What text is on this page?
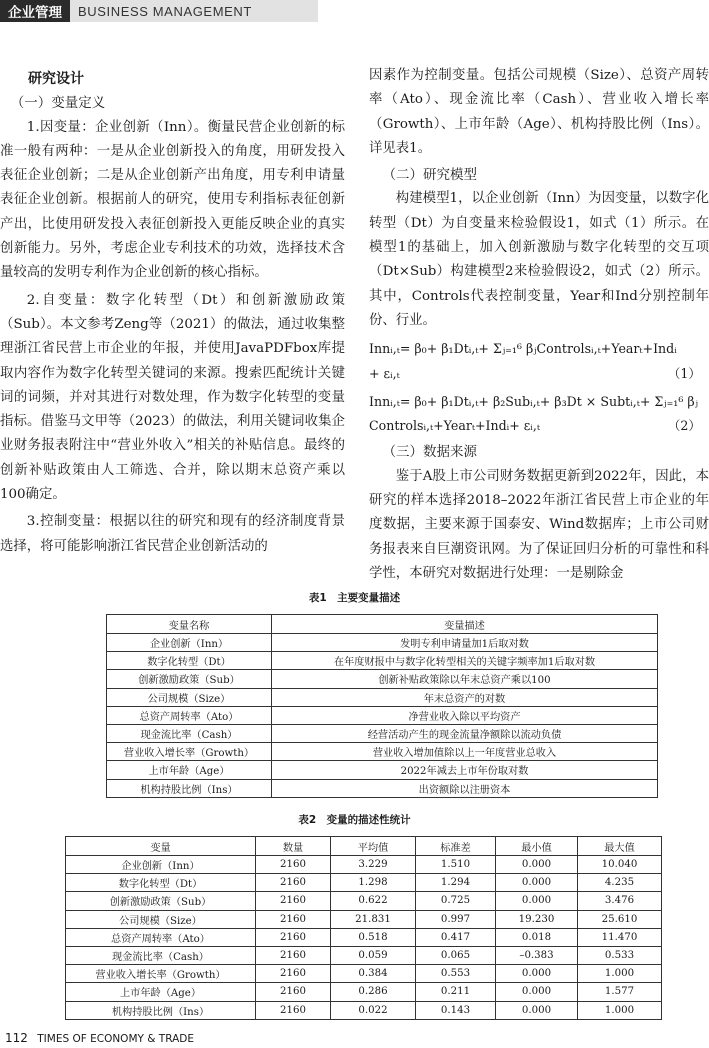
企业管理	BUSINESS MANAGEMENT
研究设计
（一）变量定义

1.因变量：企业创新（Inn）。衡量民营企业创新的标准一般有两种：一是从企业创新投入的角度，用研发投入表征企业创新；二是从企业创新产出角度，用专利申请量表征企业创新。根据前人的研究，使用专利指标表征创新产出，比使用研发投入表征创新投入更能反映企业的真实创新能力。另外，考虑企业专利技术的功效，选择技术含量较高的发明专利作为企业创新的核心指标。

2.自变量：数字化转型（Dt）和创新激励政策（Sub）。本文参考Zeng等（2021）的做法，通过收集整理浙江省民营上市企业的年报，并使用JavaPDFbox库提取内容作为数字化转型关键词的来源。搜索匹配统计关键词的词频，并对其进行对数处理，作为数字化转型的变量指标。借鉴马文甲等（2023）的做法，利用关键词收集企业财务报表附注中“营业外收入”相关的补贴信息。最终的创新补贴政策由人工筛选、合并，除以期末总资产乘以100确定。

3.控制变量：根据以往的研究和现有的经济制度背景选择，将可能影响浙江省民营企业创新活动的

因素作为控制变量。包括公司规模（Size）、总资产周转率（Ato）、现金流比率（Cash）、营业收入增长率（Growth）、上市年龄（Age）、机构持股比例（Ins）。详见表1。

（二）研究模型

构建模型1，以企业创新（Inn）为因变量，以数字化转型（Dt）为自变量来检验假设1，如式（1）所示。在模型1的基础上，加入创新激励与数字化转型的交互项（Dt×Sub）构建模型2来检验假设2，如式（2）所示。其中，Controls代表控制变量，Year和Ind分别控制年份、行业。

Innᵢ,ₜ= β₀+ β₁Dtᵢ,ₜ+ Σⱼ₌₁⁶ βⱼControlsᵢ,ₜ+Yearₜ+Indᵢ
+ εᵢ,ₜ	（1）
Innᵢ,ₜ= β₀+ β₁Dtᵢ,ₜ+ β₂Subᵢ,ₜ+ β₃Dt × Subtᵢ,ₜ+ Σⱼ₌₁⁶ βⱼ
Controlsᵢ,ₜ+Yearₜ+Indᵢ+ εᵢ,ₜ	（2）
（三）数据来源

鉴于A股上市公司财务数据更新到2022年，因此，本研究的样本选择2018–2022年浙江省民营上市企业的年度数据，主要来源于国泰安、Wind数据库；上市公司财务报表来自巨潮资讯网。为了保证回归分析的可靠性和科学性，本研究对数据进行处理：一是剔除金

表1　主要变量描述
变量名称	变量描述
企业创新（Inn）	发明专利申请量加1后取对数
数字化转型（Dt）	在年度财报中与数字化转型相关的关键字频率加1后取对数
创新激励政策（Sub）	创新补贴政策除以年末总资产乘以100
公司规模（Size）	年末总资产的对数
总资产周转率（Ato）	净营业收入除以平均资产
现金流比率（Cash）	经营活动产生的现金流量净额除以流动负债
营业收入增长率（Growth）	营业收入增加值除以上一年度营业总收入
上市年龄（Age）	2022年减去上市年份取对数
机构持股比例（Ins）	出资额除以注册资本
表2　变量的描述性统计
变量	数量	平均值	标准差	最小值	最大值
企业创新（Inn）	2160	3.229	1.510	0.000	10.040
数字化转型（Dt）	2160	1.298	1.294	0.000	4.235
创新激励政策（Sub）	2160	0.622	0.725	0.000	3.476
公司规模（Size）	2160	21.831	0.997	19.230	25.610
总资产周转率（Ato）	2160	0.518	0.417	0.018	11.470
现金流比率（Cash）	2160	0.059	0.065	–0.383	0.533
营业收入增长率（Growth）	2160	0.384	0.553	0.000	1.000
上市年龄（Age）	2160	0.286	0.211	0.000	1.577
机构持股比例（Ins）	2160	0.022	0.143	0.000	1.000
112 TIMES OF ECONOMY & TRADE
